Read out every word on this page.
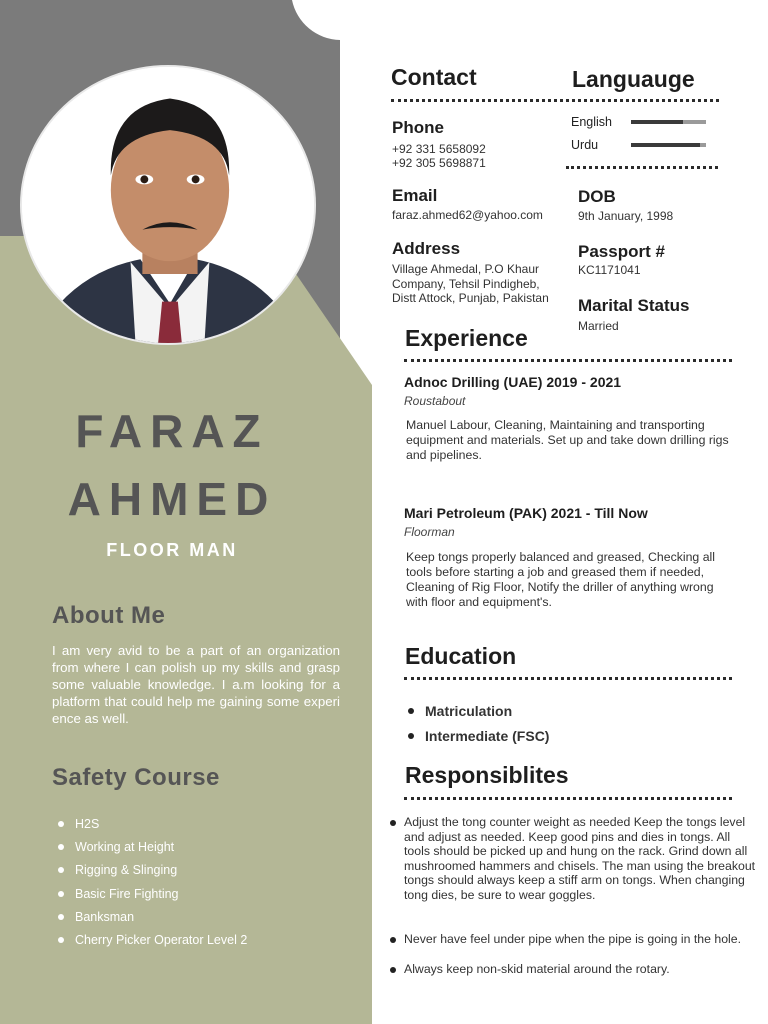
FARAZ
AHMED
FLOOR MAN
About Me
I am very avid to be a part of an organization from where I can polish up my skills and grasp some valuable knowledge. I a.m looking for a platform that could help me gaining some experi ence as well.
Safety Course
H2S
Working at Height
Rigging & Slinging
Basic Fire Fighting
Banksman
Cherry Picker Operator Level 2
Contact	Languauge
Phone
+92 331 5658092
+92 305 5698871
Email
faraz.ahmed62@yahoo.com
Address
Village Ahmedal, P.O Khaur
Company, Tehsil Pindigheb,
Distt Attock, Punjab, Pakistan
English
Urdu
DOB
9th January, 1998
Passport #
KC1171041
Marital Status
Married
Experience
Adnoc Drilling (UAE) 2019 - 2021
Roustabout
Manuel Labour, Cleaning, Maintaining and transporting equipment and materials. Set up and take down drilling rigs and pipelines.
Mari Petroleum (PAK) 2021 - Till Now
Floorman
Keep tongs properly balanced and greased, Checking all tools before starting a job and greased them if needed, Cleaning of Rig Floor, Notify the driller of anything wrong with floor and equipment's.
Education
Matriculation
Intermediate (FSC)
Responsiblites
Adjust the tong counter weight as needed Keep the tongs level and adjust as needed. Keep good pins and dies in tongs. All tools should be picked up and hung on the rack. Grind down all mushroomed hammers and chisels. The man using the breakout tongs should always keep a stiff arm on tongs. When changing tong dies, be sure to wear goggles.
Never have feel under pipe when the pipe is going in the hole.
Always keep non-skid material around the rotary.
